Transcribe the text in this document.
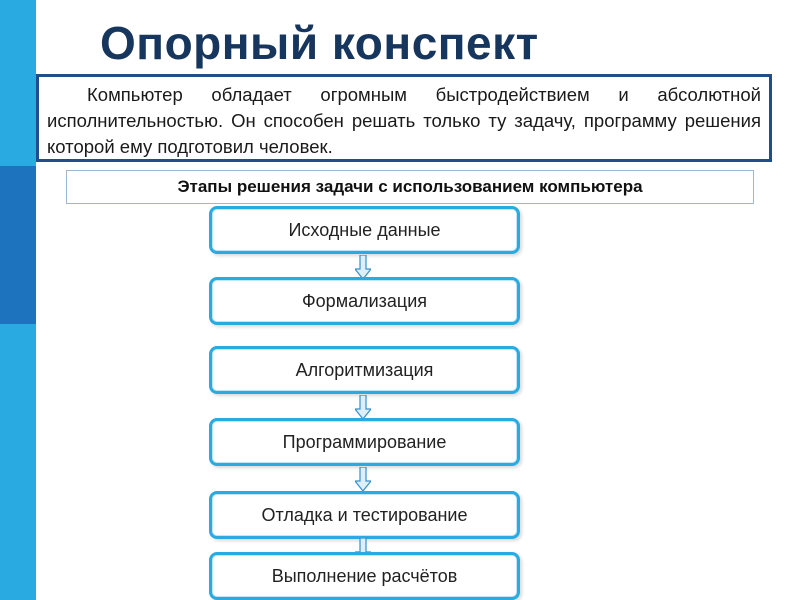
Опорный конспект
Компьютер обладает огромным быстродействием и абсолютной исполнительностью. Он способен решать только ту задачу, программу решения которой ему подготовил человек.
Этапы решения задачи с использованием компьютера
Исходные данные
Формализация
Алгоритмизация
Программирование
Отладка и тестирование
Выполнение расчётов
